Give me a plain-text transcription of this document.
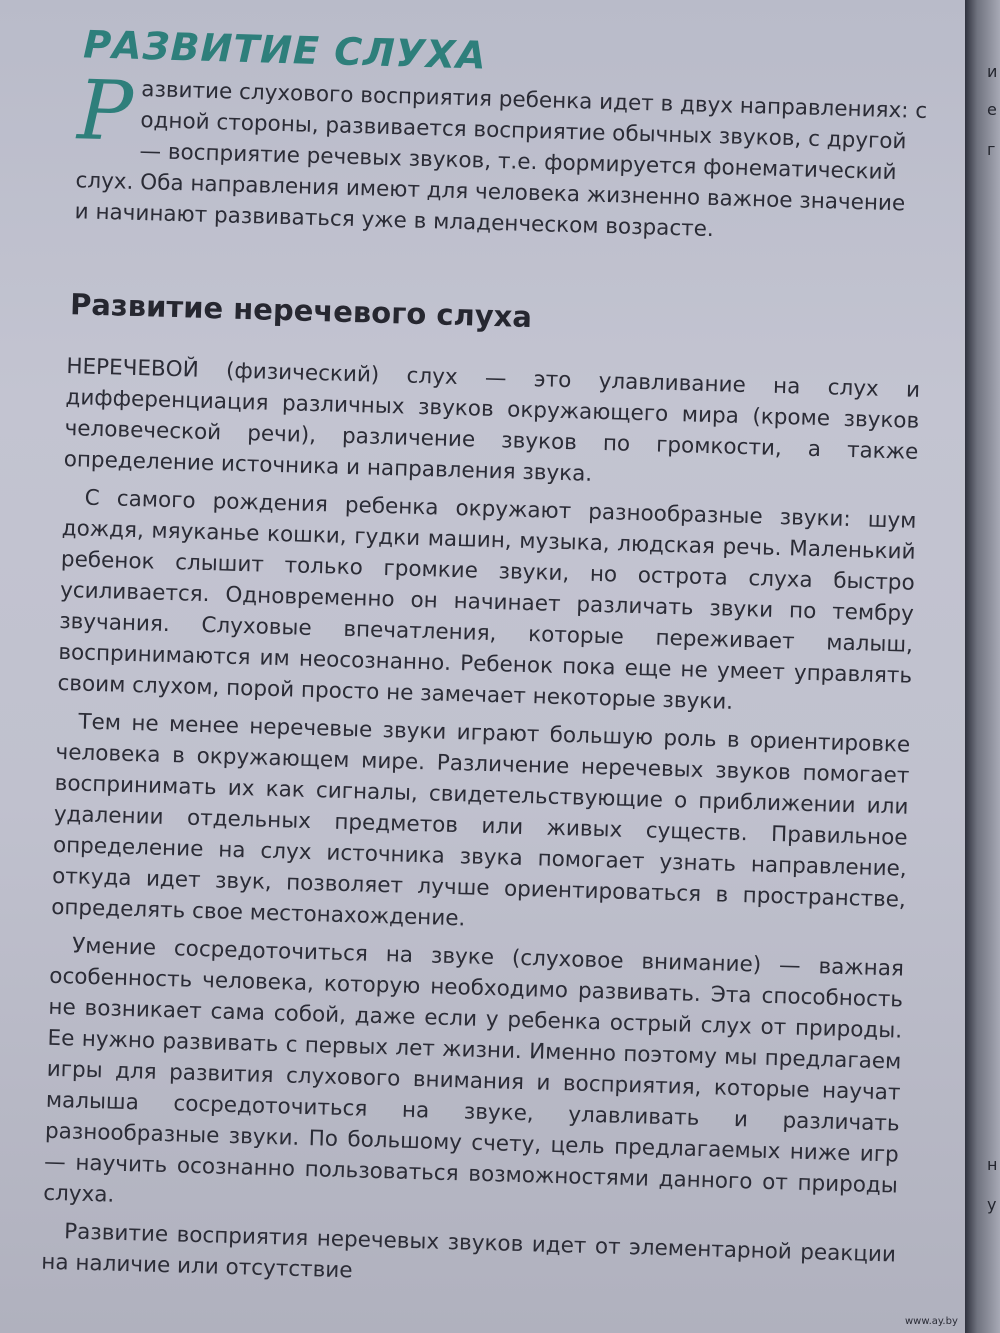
РАЗВИТИЕ СЛУХА
Р азвитие слухового восприятия ребенка идет в двух направлениях: с одной стороны, развивается восприятие обычных звуков, с другой — восприятие речевых звуков, т.е. формируется фонематический слух. Оба направления имеют для человека жизненно важное значение и начинают развиваться уже в младенческом возрасте.
Развитие неречевого слуха

НЕРЕЧЕВОЙ (физический) слух — это улавливание на слух и дифференциация различных звуков окружающего мира (кроме звуков человеческой речи), различение звуков по громкости, а также определение источника и направления звука.

С самого рождения ребенка окружают разнообразные звуки: шум дождя, мяуканье кошки, гудки машин, музыка, людская речь. Маленький ребенок слышит только громкие звуки, но острота слуха быстро усиливается. Одновременно он начинает различать звуки по тембру звучания. Слуховые впечатления, которые переживает малыш, воспринимаются им неосознанно. Ребенок пока еще не умеет управлять своим слухом, порой просто не замечает некоторые звуки.

Тем не менее неречевые звуки играют большую роль в ориентировке человека в окружающем мире. Различение неречевых звуков помогает воспринимать их как сигналы, свидетельствующие о приближении или удалении отдельных предметов или живых существ. Правильное определение на слух источника звука помогает узнать направление, откуда идет звук, позволяет лучше ориентироваться в пространстве, определять свое местонахождение.

Умение сосредоточиться на звуке (слуховое внимание) — важная особенность человека, которую необходимо развивать. Эта способность не возникает сама собой, даже если у ребенка острый слух от природы. Ее нужно развивать с первых лет жизни. Именно поэтому мы предлагаем игры для развития слухового внимания и восприятия, которые научат малыша сосредоточиться на звуке, улавливать и различать разнообразные звуки. По большому счету, цель предлагаемых ниже игр — научить осознанно пользоваться возможностями данного от природы слуха.

Развитие восприятия неречевых звуков идет от элементарной реакции на наличие или отсутствие

и
е
г
н
у
www.ay.by
